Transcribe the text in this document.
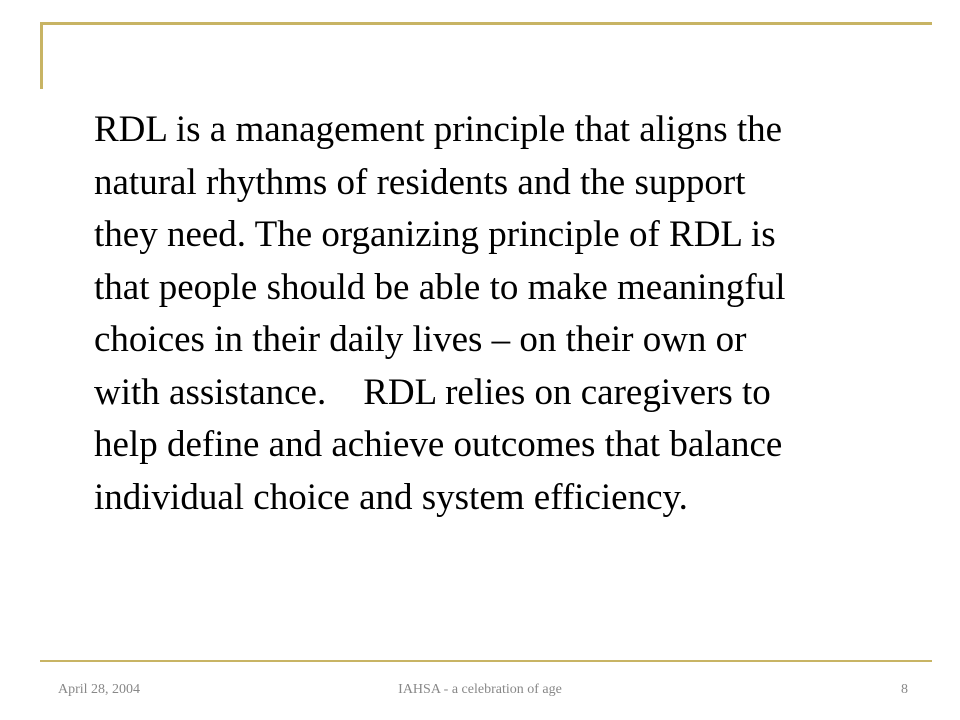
RDL is a management principle that aligns the
natural rhythms of residents and the support
they need. The organizing principle of RDL is
that people should be able to make meaningful
choices in their daily lives – on their own or
with assistance.    RDL relies on caregivers to
help define and achieve outcomes that balance
individual choice and system efficiency.

April 28, 2004	IAHSA - a celebration of age	8
